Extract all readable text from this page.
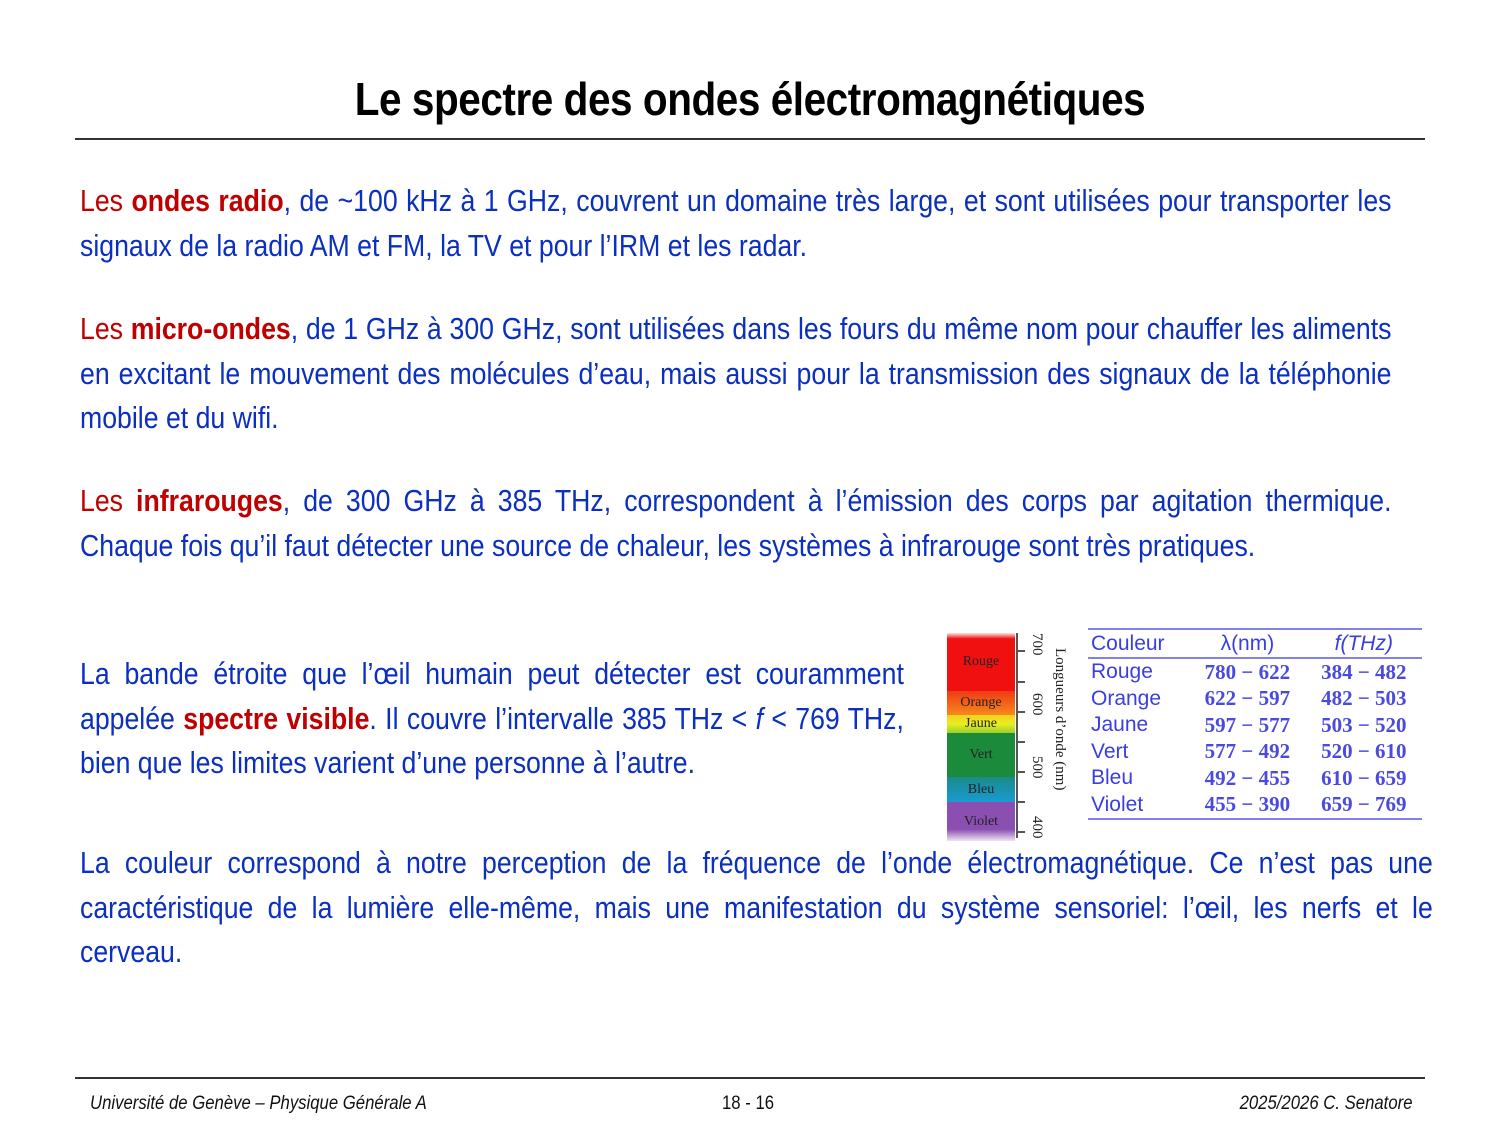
Le spectre des ondes électromagnétiques
Les ondes radio, de ~100 kHz à 1 GHz, couvrent un domaine très large, et sont utilisées pour transporter les signaux de la radio AM et FM, la TV et pour l’IRM et les radar.
Les micro-ondes, de 1 GHz à 300 GHz, sont utilisées dans les fours du même nom pour chauffer les aliments en excitant le mouvement des molécules d’eau, mais aussi pour la transmission des signaux de la téléphonie mobile et du wifi.
Les infrarouges, de 300 GHz à 385 THz, correspondent à l’émission des corps par agitation thermique. Chaque fois qu’il faut détecter une source de chaleur, les systèmes à infrarouge sont très pratiques.
La bande étroite que l’œil humain peut détecter est couramment appelée spectre visible. Il couvre l’intervalle 385 THz < f < 769 THz, bien que les limites varient d’une personne à l’autre.
La couleur correspond à notre perception de la fréquence de l’onde électromagnétique. Ce n’est pas une caractéristique de la lumière elle-même, mais une manifestation du système sensoriel: l’œil, les nerfs et le cerveau.
Rouge
Orange
Jaune
Vert
Bleu
Violet
700
600
500
400
Longueurs d’onde (nm)
Couleur	λ(nm)	f(THz)
Rouge	780 − 622	384 − 482
Orange	622 − 597	482 − 503
Jaune	597 − 577	503 − 520
Vert	577 − 492	520 − 610
Bleu	492 − 455	610 − 659
Violet	455 − 390	659 − 769
Université de Genève – Physique Générale A	18 - 16	2025/2026 C. Senatore
